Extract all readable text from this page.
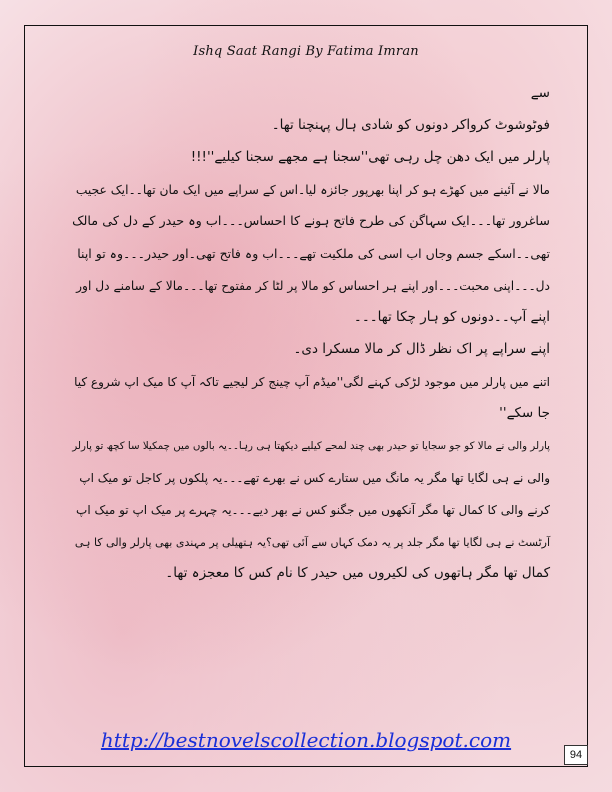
Ishq Saat Rangi By Fatima Imran
سے
فوٹوشوٹ کرواکر دونوں کو شادی ہال پہنچنا تھا۔
پارلر میں ایک دھن چل رہی تھی''سجنا ہے مجھے سجنا کیلیے''!!!
مالا نے آئینے میں کھڑے ہو کر اپنا بھرپور جائزہ لیا۔اس کے سراپے میں ایک مان تھا۔۔ایک عجیب
ساغرور تھا۔۔۔ایک سہاگن کی طرح فاتح ہونے کا احساس۔۔۔اب وہ حیدر کے دل کی مالک
تھی۔۔اسکے جسم وجاں اب اسی کی ملکیت تھے۔۔۔اب وہ فاتح تھی۔اور حیدر۔۔۔وہ تو اپنا
دل۔۔۔اپنی محبت۔۔۔اور اپنے ہر احساس کو مالا پر لٹا کر مفتوح تھا۔۔۔مالا کے سامنے دل اور
اپنے آپ۔۔دونوں کو ہار چکا تھا۔۔۔
اپنے سراپے پر اک نظر ڈال کر مالا مسکرا دی۔
اتنے میں پارلر میں موجود لڑکی کہنے لگی''میڈم آپ چینج کر لیجیے تاکہ آپ کا میک اپ شروع کیا
جا سکے''
پارلر والی نے مالا کو جو سجایا تو حیدر بھی چند لمحے کیلیے دیکھتا ہی رہا۔۔یہ بالوں میں چمکیلا سا کچھ تو پارلر
والی نے ہی لگایا تھا مگر یہ مانگ میں ستارے کس نے بھرے تھے۔۔۔یہ پلکوں پر کاجل تو میک اپ
کرنے والی کا کمال تھا مگر آنکھوں میں جگنو کس نے بھر دیے۔۔۔یہ چہرے پر میک اپ تو میک اپ
آرٹسٹ نے ہی لگایا تھا مگر جلد پر یہ دمک کہاں سے آئی تھی؟یہ ہتھیلی پر مہندی بھی پارلر والی کا ہی
کمال تھا مگر ہاتھوں کی لکیروں میں حیدر کا نام کس کا معجزہ تھا۔
http://bestnovelscollection.blogspot.com
94
